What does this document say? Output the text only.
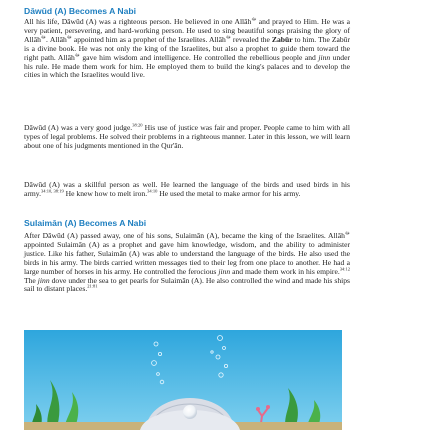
Dāwūd (A) Becomes A Nabi

All his life, Dāwūd (A) was a righteous person. He believed in one Allāh$^ﷻ$ and prayed to Him. He was a very patient, persevering, and hard-working person. He used to sing beautiful songs praising the glory of Allāh$^ﷻ$. Allāh$^ﷻ$ appointed him as a prophet of the Israelites. Allāh$^ﷻ$ revealed the Zabūr to him. The Zabūr is a divine book. He was not only the king of the Israelites, but also a prophet to guide them toward the right path. Allāh$^ﷻ$ gave him wisdom and intelligence. He controlled the rebellious people and jinn under his rule. He made them work for him. He employed them to build the king's palaces and to develop the cities in which the Israelites would live.

Dāwūd (A) was a very good judge.$^{38:20}$ His use of justice was fair and proper. People came to him with all types of legal problems. He solved their problems in a righteous manner. Later in this lesson, we will learn about one of his judgments mentioned in the Qur'ān.

Dāwūd (A) was a skillful person as well. He learned the language of the birds and used birds in his army.$^{34:10, 38:19}$ He knew how to melt iron.$^{34:10}$ He used the metal to make armor for his army.

Sulaimān (A) Becomes A Nabi

After Dāwūd (A) passed away, one of his sons, Sulaimān (A), became the king of the Israelites. Allāh$^ﷻ$ appointed Sulaimān (A) as a prophet and gave him knowledge, wisdom, and the ability to administer justice. Like his father, Sulaimān (A) was able to understand the language of the birds. He also used the birds in his army. The birds carried written messages tied to their leg from one place to another. He had a large number of horses in his army. He controlled the ferocious jinn and made them work in his empire.$^{34:12}$ The jinn dove under the sea to get pearls for Sulaimān (A). He also controlled the wind and made his ships sail to distant places.$^{21:81}$
